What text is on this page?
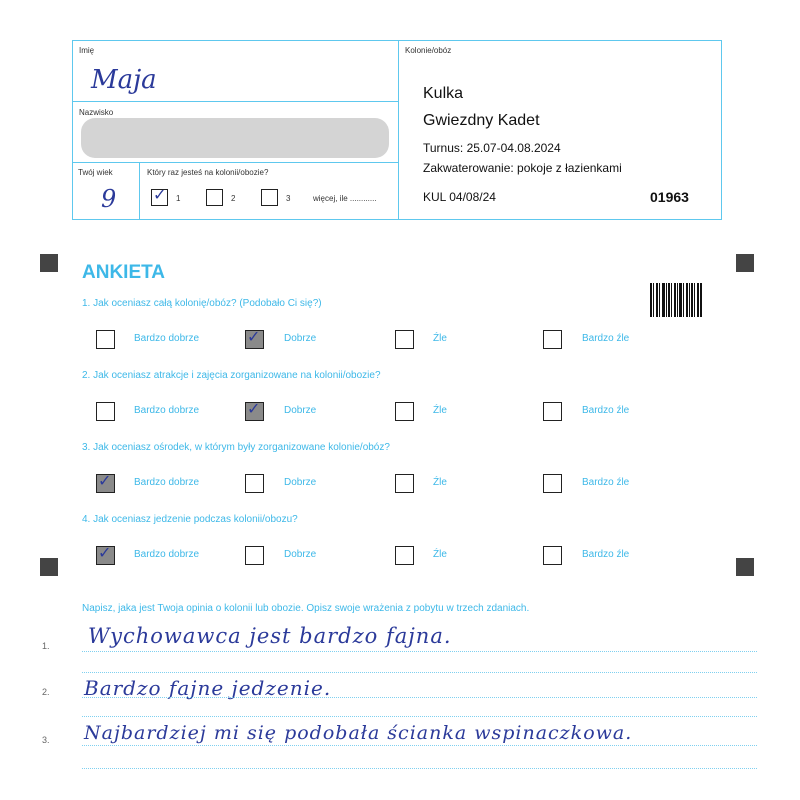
Imię
Maja
Nazwisko
Twój wiek
9
Który raz jesteś na kolonii/obozie?
✓ 1	2	3	więcej, ile ............
Kolonie/obóz
Kulka
Gwiezdny Kadet
Turnus: 25.07-04.08.2024
Zakwaterowanie: pokoje z łazienkami
KUL 04/08/24	01963
ANKIETA
1. Jak oceniasz całą kolonię/obóz? (Podobało Ci się?)
Bardzo dobrze	✓ Dobrze	Źle	Bardzo źle
2. Jak oceniasz atrakcje i zajęcia zorganizowane na kolonii/obozie?
Bardzo dobrze	✓ Dobrze	Źle	Bardzo źle
3. Jak oceniasz ośrodek, w którym były zorganizowane kolonie/obóz?
✓ Bardzo dobrze	Dobrze	Źle	Bardzo źle
4. Jak oceniasz jedzenie podczas kolonii/obozu?
✓ Bardzo dobrze	Dobrze	Źle	Bardzo źle
Napisz, jaka jest Twoja opinia o kolonii lub obozie. Opisz swoje wrażenia z pobytu w trzech zdaniach.
1. Wychowawca jest bardzo fajna.
2. Bardzo fajne jedzenie.
3. Najbardziej mi się podobała ścianka wspinaczkowa.
